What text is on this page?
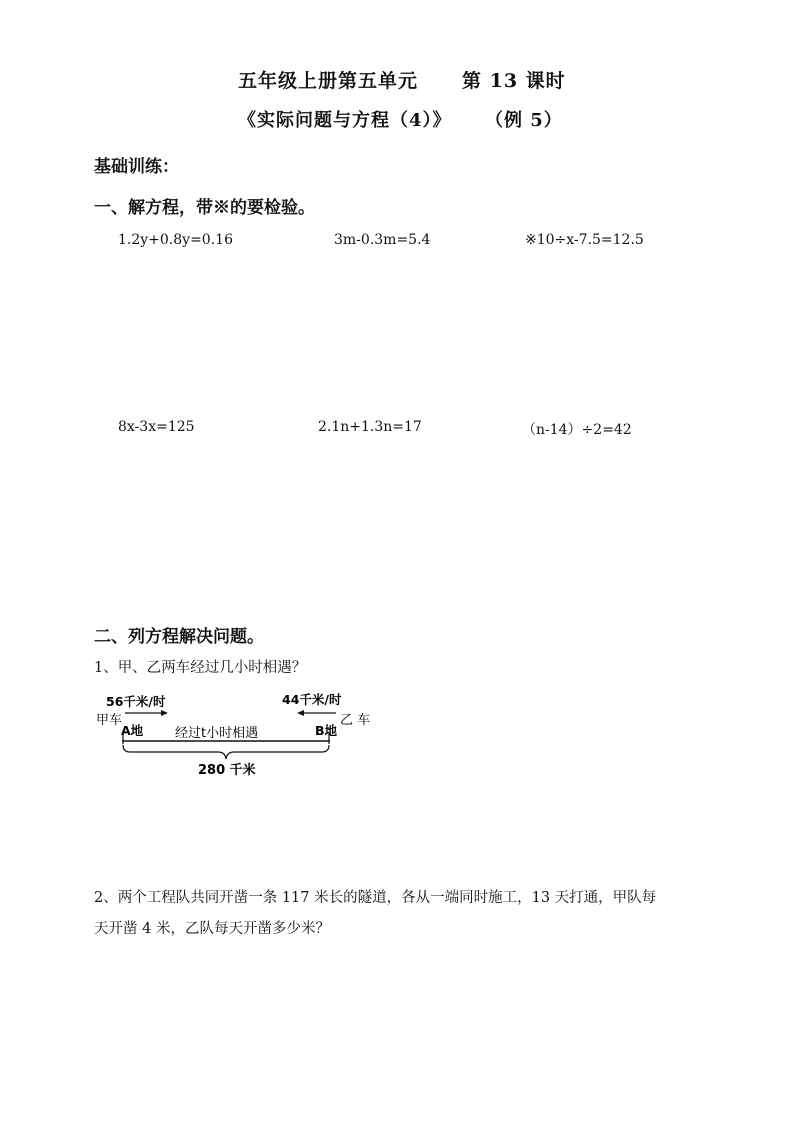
五年级上册第五单元 第 13 课时
《实际问题与方程（4）》 （例 5）
基础训练：
一、解方程，带※的要检验。
1.2y+0.8y=0.16	3m-0.3m=5.4	※10÷x-7.5=12.5
8x-3x=125	2.1n+1.3n=17	（n-14）÷2=42
二、列方程解决问题。
1、甲、乙两车经过几小时相遇？
56千米/时
甲车
A地
44千米/时
乙 车
B地
经过t小时相遇
280 千米
2、两个工程队共同开凿一条 117 米长的隧道，各从一端同时施工，13 天打通，甲队每
天开凿 4 米，乙队每天开凿多少米？
